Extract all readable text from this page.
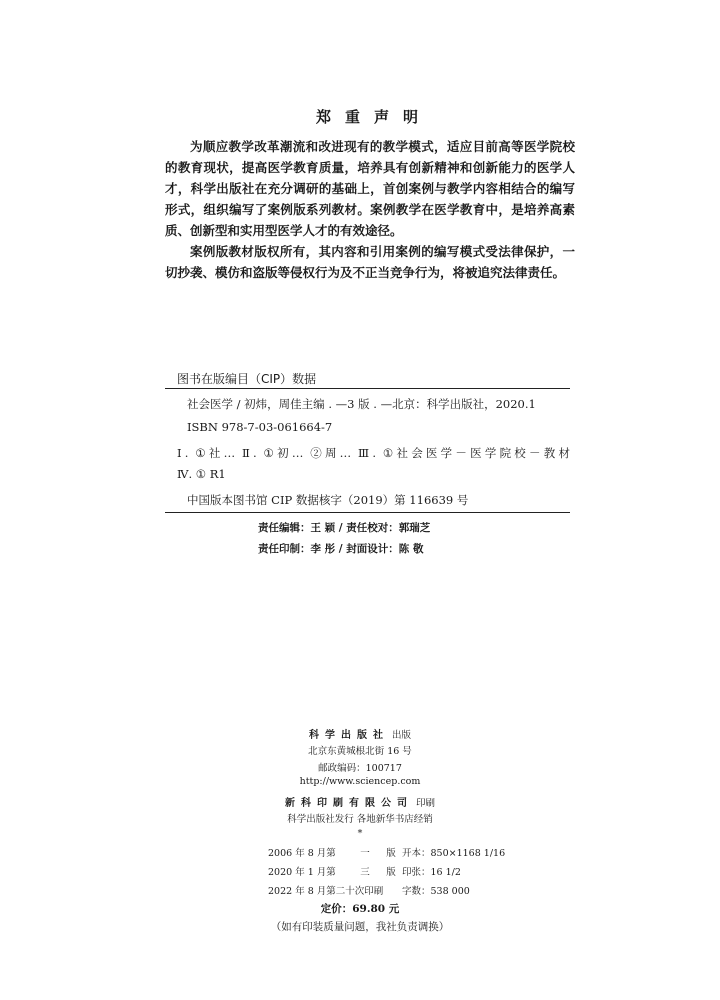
郑重声明

为顺应教学改革潮流和改进现有的教学模式，适应目前高等医学院校的教育现状，提高医学教育质量，培养具有创新精神和创新能力的医学人才，科学出版社在充分调研的基础上，首创案例与教学内容相结合的编写形式，组织编写了案例版系列教材。案例教学在医学教育中，是培养高素质、创新型和实用型医学人才的有效途径。

案例版教材版权所有，其内容和引用案例的编写模式受法律保护，一切抄袭、模仿和盗版等侵权行为及不正当竞争行为，将被追究法律责任。

图书在版编目（CIP）数据
社会医学 / 初炜，周佳主编 . —3 版 . —北京：科学出版社，2020.1
ISBN 978-7-03-061664-7
Ⅰ. ①社… Ⅱ. ①初… ②周… Ⅲ. ①社会医学－医学院校－教材
Ⅳ. ① R1
中国版本图书馆 CIP 数据核字（2019）第 116639 号
责任编辑：王 颖 / 责任校对：郭瑞芝
责任印制：李 彤 / 封面设计：陈 敬
科学出版社 出版
北京东黄城根北街 16 号
邮政编码：100717
http://www.sciencep.com
新科印刷有限公司 印刷
科学出版社发行 各地新华书店经销
*
2006 年 8 月第	一 版 开本：850×1168 1/16
2020 年 1 月第	三 版 印张：16 1/2
2022 年 8 月第二十次印刷 字数：538 000
定价：69.80 元
（如有印装质量问题，我社负责调换）
